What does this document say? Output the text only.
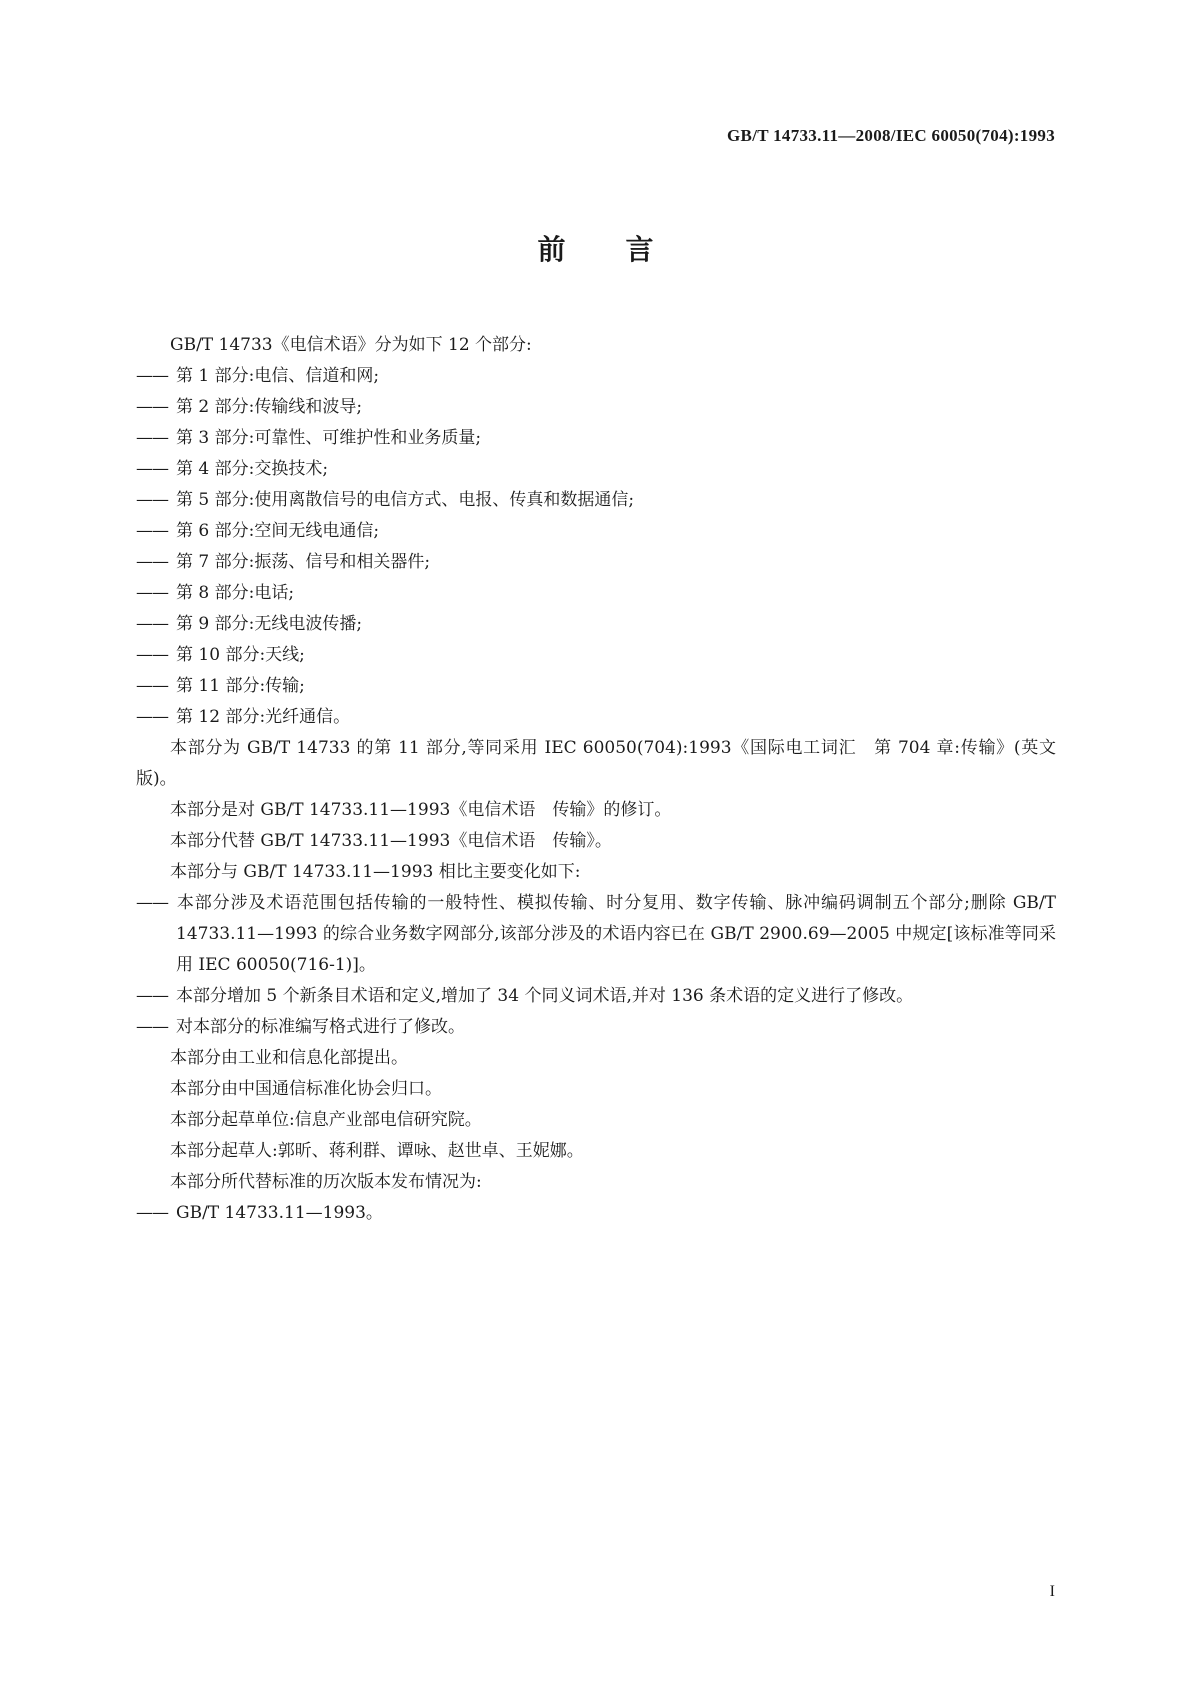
GB/T 14733.11—2008/IEC 60050(704):1993
前 言

GB/T 14733《电信术语》分为如下 12 个部分:

—— 第 1 部分:电信、信道和网;

—— 第 2 部分:传输线和波导;

—— 第 3 部分:可靠性、可维护性和业务质量;

—— 第 4 部分:交换技术;

—— 第 5 部分:使用离散信号的电信方式、电报、传真和数据通信;

—— 第 6 部分:空间无线电通信;

—— 第 7 部分:振荡、信号和相关器件;

—— 第 8 部分:电话;

—— 第 9 部分:无线电波传播;

—— 第 10 部分:天线;

—— 第 11 部分:传输;

—— 第 12 部分:光纤通信。

本部分为 GB/T 14733 的第 11 部分,等同采用 IEC 60050(704):1993《国际电工词汇　第 704 章:传输》(英文版)。

本部分是对 GB/T 14733.11—1993《电信术语　传输》的修订。

本部分代替 GB/T 14733.11—1993《电信术语　传输》。

本部分与 GB/T 14733.11—1993 相比主要变化如下:

—— 本部分涉及术语范围包括传输的一般特性、模拟传输、时分复用、数字传输、脉冲编码调制五个部分;删除 GB/T 14733.11—1993 的综合业务数字网部分,该部分涉及的术语内容已在 GB/T 2900.69—2005 中规定[该标准等同采用 IEC 60050(716-1)]。

—— 本部分增加 5 个新条目术语和定义,增加了 34 个同义词术语,并对 136 条术语的定义进行了修改。

—— 对本部分的标准编写格式进行了修改。

本部分由工业和信息化部提出。

本部分由中国通信标准化协会归口。

本部分起草单位:信息产业部电信研究院。

本部分起草人:郭昕、蒋利群、谭咏、赵世卓、王妮娜。

本部分所代替标准的历次版本发布情况为:

—— GB/T 14733.11—1993。

I
